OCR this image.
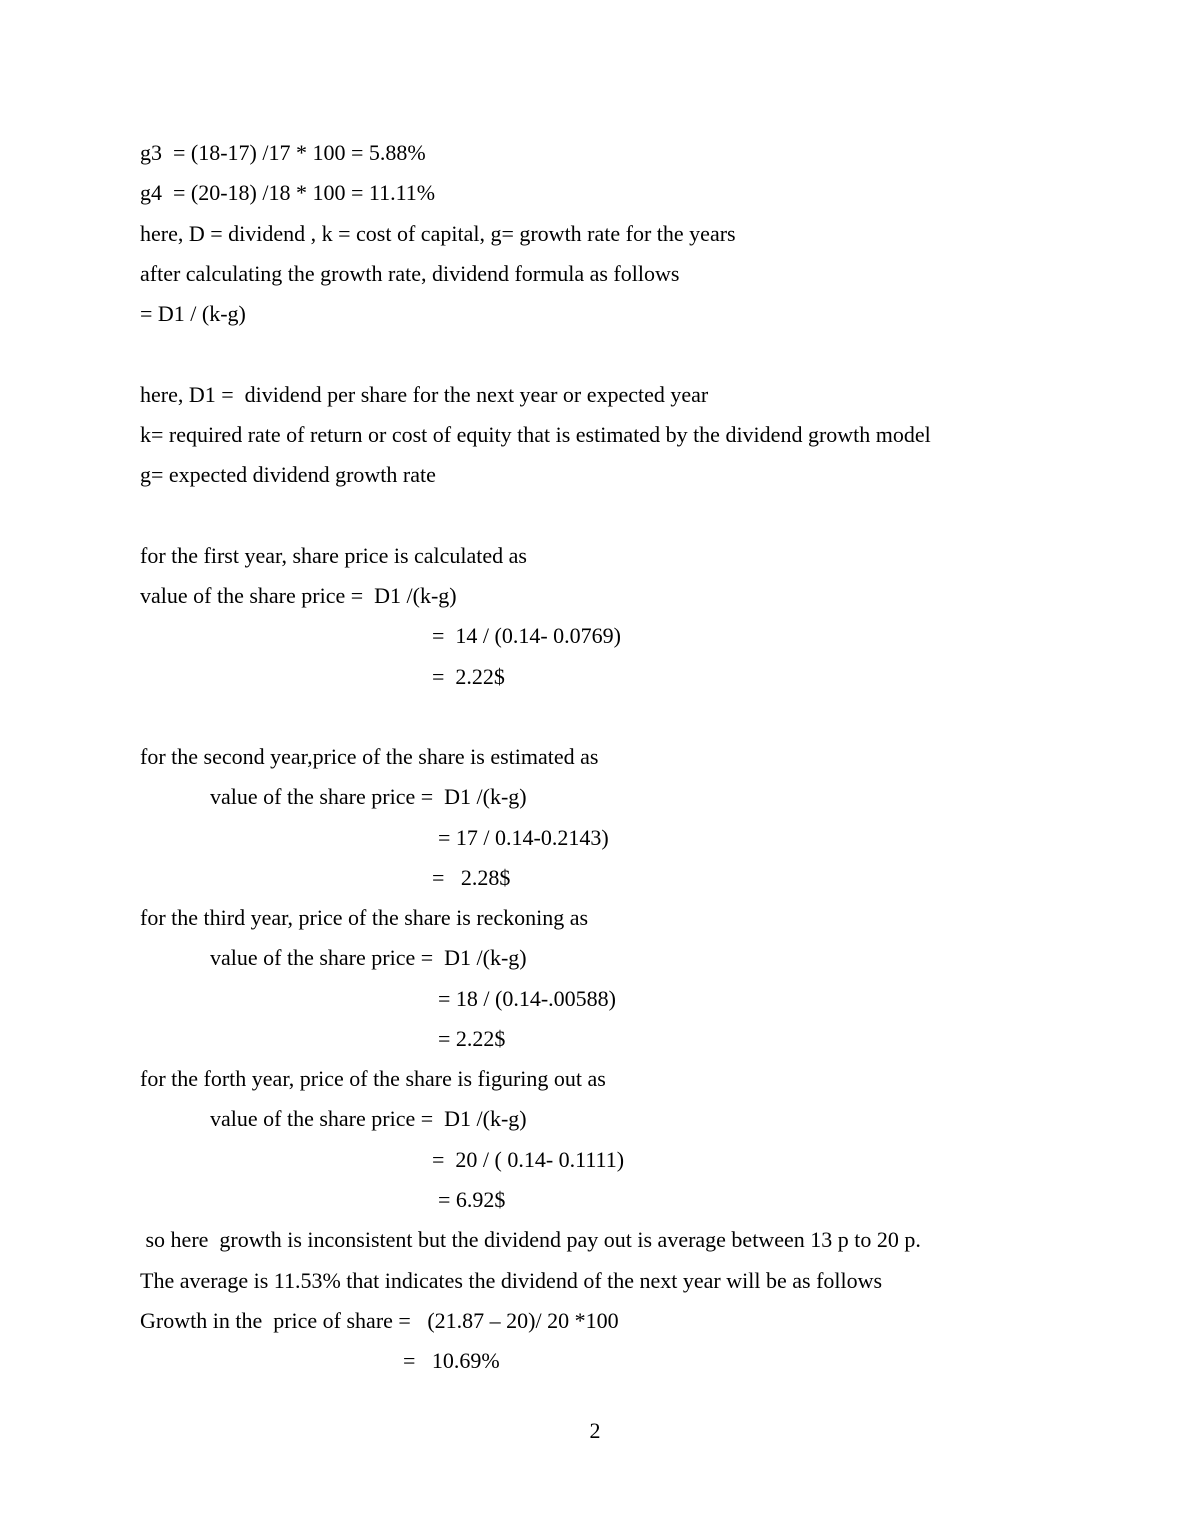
g3  = (18-17) /17 * 100 = 5.88%
g4  = (20-18) /18 * 100 = 11.11%
here, D = dividend , k = cost of capital, g= growth rate for the years
after calculating the growth rate, dividend formula as follows
= D1 / (k-g)
here, D1 =  dividend per share for the next year or expected year
k= required rate of return or cost of equity that is estimated by the dividend growth model
g= expected dividend growth rate
for the first year, share price is calculated as
value of the share price =  D1 /(k-g)
=  14 / (0.14- 0.0769)
=  2.22$
for the second year,price of the share is estimated as
value of the share price =  D1 /(k-g)
= 17 / 0.14-0.2143)
=   2.28$
for the third year, price of the share is reckoning as
value of the share price =  D1 /(k-g)
= 18 / (0.14-.00588)
= 2.22$
for the forth year, price of the share is figuring out as
value of the share price =  D1 /(k-g)
=  20 / ( 0.14- 0.1111)
= 6.92$
so here  growth is inconsistent but the dividend pay out is average between 13 p to 20 p.
The average is 11.53% that indicates the dividend of the next year will be as follows
Growth in the  price of share =   (21.87 – 20)/ 20 *100
=   10.69%
2
